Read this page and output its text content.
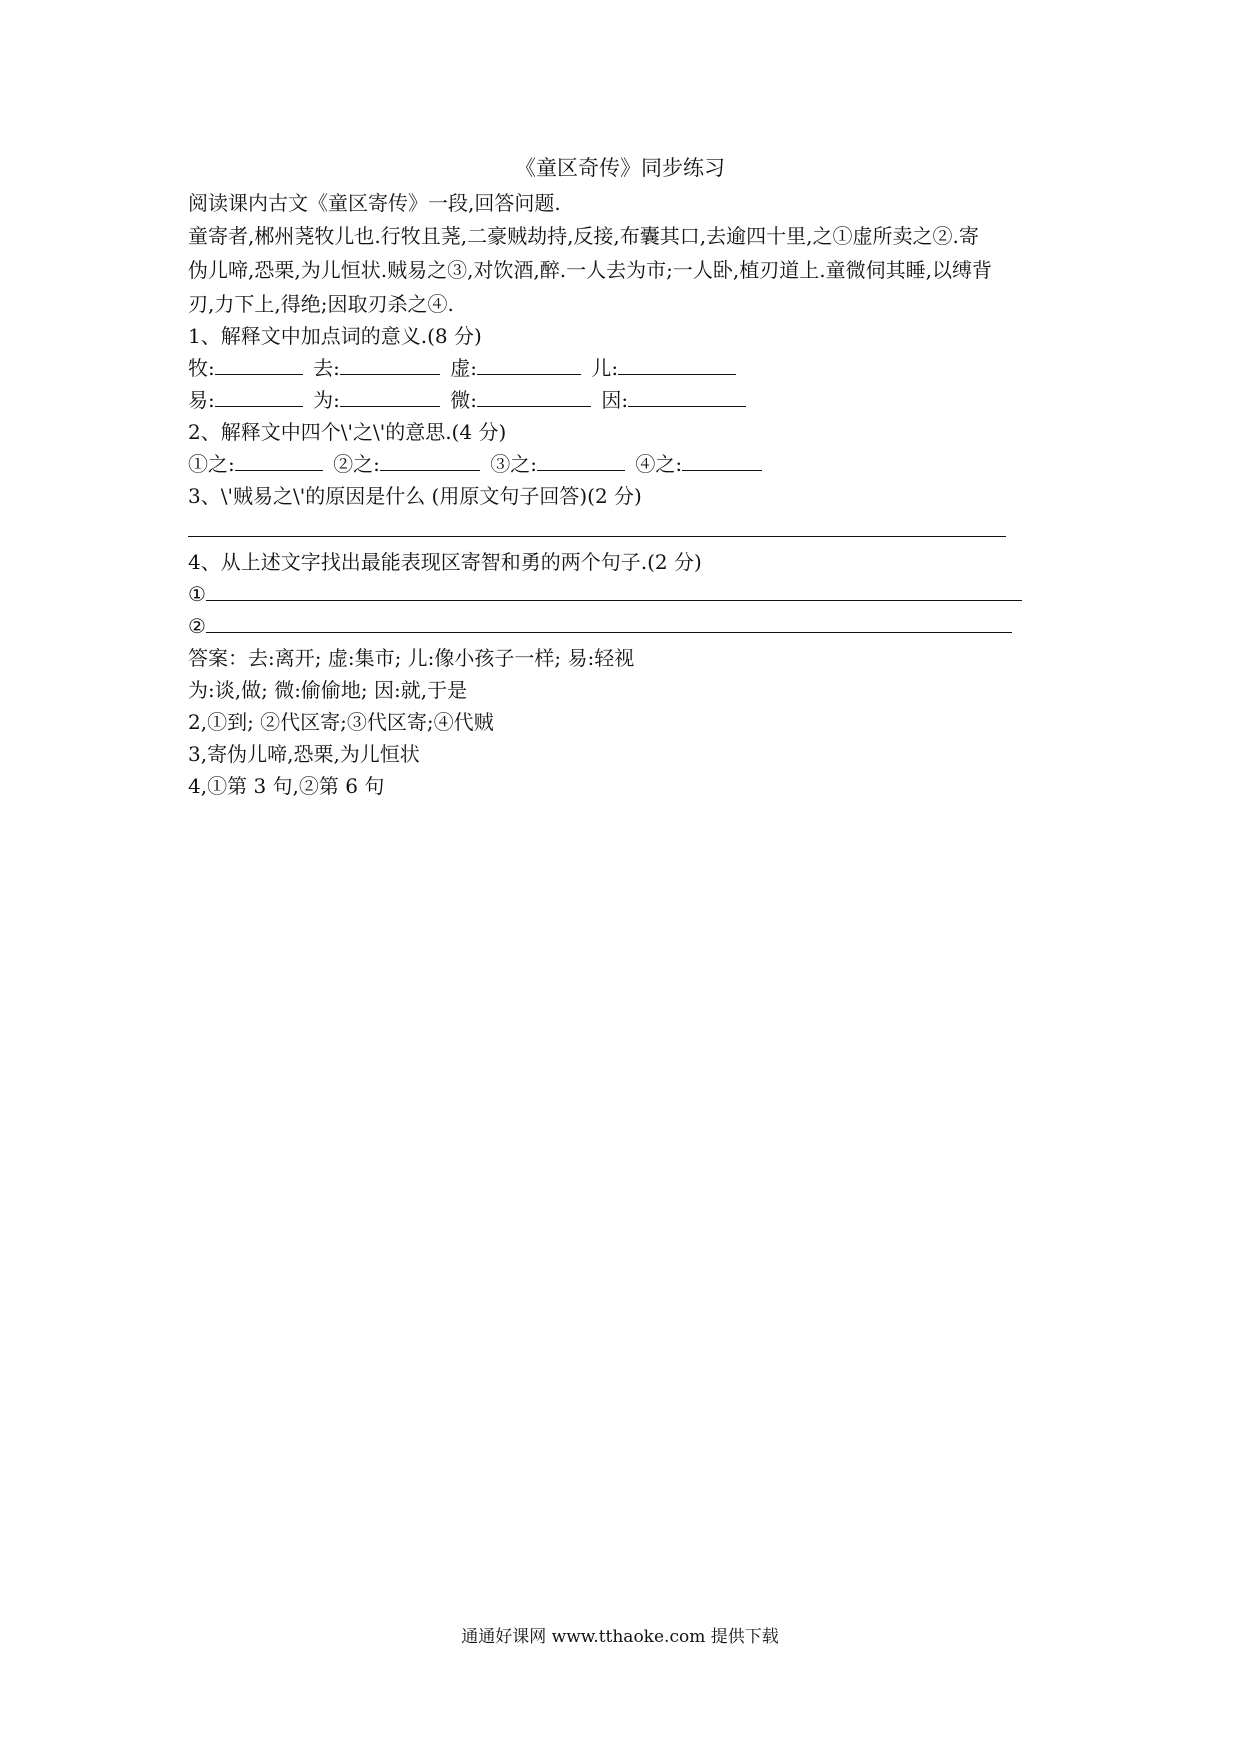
《童区奇传》同步练习
阅读课内古文《童区寄传》一段,回答问题.
童寄者,郴州荛牧儿也.行牧且荛,二豪贼劫持,反接,布囊其口,去逾四十里,之①虚所卖之②.寄
伪儿啼,恐栗,为儿恒状.贼易之③,对饮酒,醉.一人去为市;一人卧,植刃道上.童微伺其睡,以缚背
刃,力下上,得绝;因取刃杀之④.
1、解释文中加点词的意义.(8 分)
牧:	去:	虚:	儿:
易:	为:	微:	因:
2、解释文中四个\'之\'的意思.(4 分)
①之:	②之:	③之:	④之:
3、\'贼易之\'的原因是什么 (用原文句子回答)(2 分)
4、从上述文字找出最能表现区寄智和勇的两个句子.(2 分)
①
②
答案：去:离开; 虚:集市; 儿:像小孩子一样; 易:轻视
为:谈,做; 微:偷偷地; 因:就,于是
2,①到; ②代区寄;③代区寄;④代贼
3,寄伪儿啼,恐栗,为儿恒状
4,①第 3 句,②第 6 句
通通好课网 www.tthaoke.com 提供下载
